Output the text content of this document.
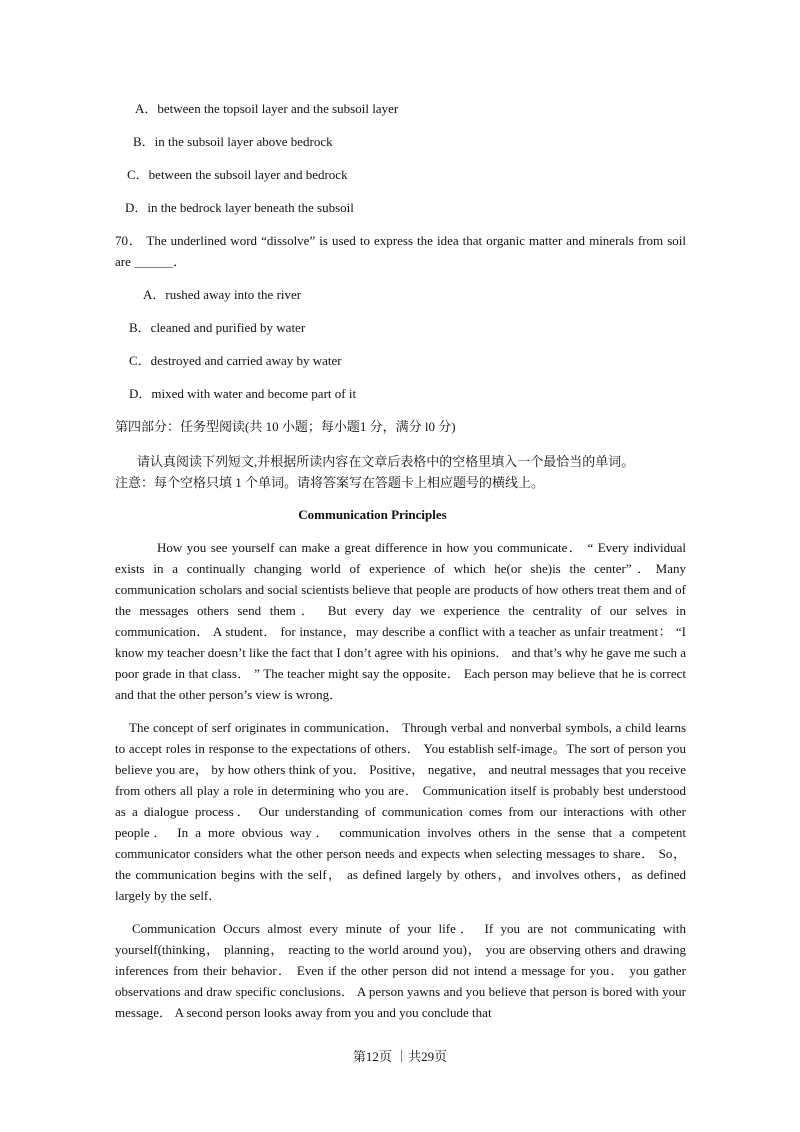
A．between the topsoil layer and the subsoil layer
B．in the subsoil layer above bedrock
C．between the subsoil layer and bedrock
D．in the bedrock layer beneath the subsoil
70． The underlined word “dissolve” is used to express the idea that organic matter and minerals from soil are ＿＿＿．
A．rushed away into the river
B．cleaned and purified by water
C．destroyed and carried away by water
D．mixed with water and become part of it
第四部分：任务型阅读(共 10 小题；每小题1 分，满分 l0 分)

请认真阅读下列短文,并根据所读内容在文章后表格中的空格里填入一个最恰当的单词。

注意：每个空格只填 1 个单词。请将答案写在答题卡上相应题号的横线上。

Communication Principles

How you see yourself can make a great difference in how you communicate． “ Every individual exists in a continually changing world of experience of which he(or she)is the center”．Many communication scholars and social scientists believe that people are products of how others treat them and of the messages others send them． But every day we experience the centrality of our selves in communication． A student． for instance，may describe a conflict with a teacher as unfair treatment： “I know my teacher doesn’t like the fact that I don’t agree with his opinions． and that’s why he gave me such a poor grade in that class． ” The teacher might say the opposite． Each person may believe that he is correct and that the other person’s view is wrong．

The concept of serf originates in communication． Through verbal and nonverbal symbols, a child learns to accept roles in response to the expectations of others． You establish self-image。The sort of person you believe you are， by how others think of you． Positive， negative， and neutral messages that you receive from others all play a role in determining who you are． Communication itself is probably best understood as a dialogue process． Our understanding of communication comes from our interactions with other people． In a more obvious way． communication involves others in the sense that a competent communicator considers what the other person needs and expects when selecting messages to share． So， the communication begins with the self， as defined largely by others，and involves others，as defined largely by the self．

Communication Occurs almost every minute of your life． If you are not communicating with yourself(thinking， planning， reacting to the world around you)， you are observing others and drawing inferences from their behavior． Even if the other person did not intend a message for you． you gather observations and draw specific conclusions． A person yawns and you believe that person is bored with your message． A second person looks away from you and you conclude that

第12页 ｜共29页
